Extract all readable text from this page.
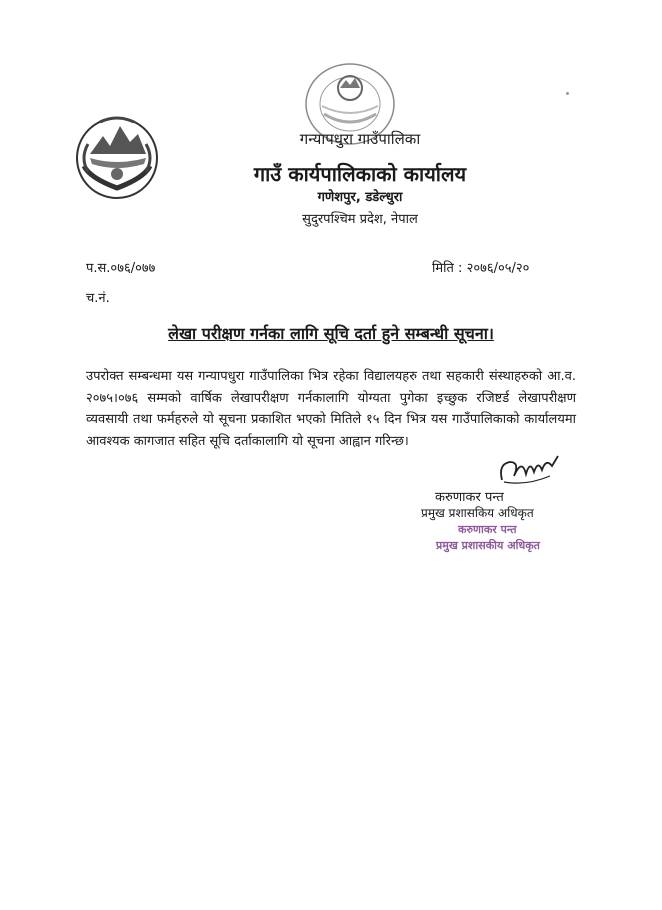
गन्यापधुरा गाउँपालिका
गाउँ कार्यपालिकाको कार्यालय
गणेशपुर, डडेल्धुरा
सुदुरपश्चिम प्रदेश, नेपाल
प.स.०७६/०७७	मिति : २०७६/०५/२०
च.नं.
लेखा परीक्षण गर्नका लागि सूचि दर्ता हुने सम्बन्धी सूचना।
उपरोक्त सम्बन्धमा यस गन्यापधुरा गाउँपालिका भित्र रहेका विद्यालयहरु तथा सहकारी संस्थाहरुको आ.व. २०७५।०७६ सम्मको वार्षिक लेखापरीक्षण गर्नकालागि योग्यता पुगेका इच्छुक रजिष्टर्ड लेखापरीक्षण व्यवसायी तथा फर्महरुले यो सूचना प्रकाशित भएको मितिले १५ दिन भित्र यस गाउँपालिकाको कार्यालयमा आवश्यक कागजात सहित सूचि दर्ताकालागि यो सूचना आह्वान गरिन्छ।
करुणाकर पन्त
प्रमुख प्रशासकिय अधिकृत
करुणाकर पन्त
प्रमुख प्रशासकीय अधिकृत
